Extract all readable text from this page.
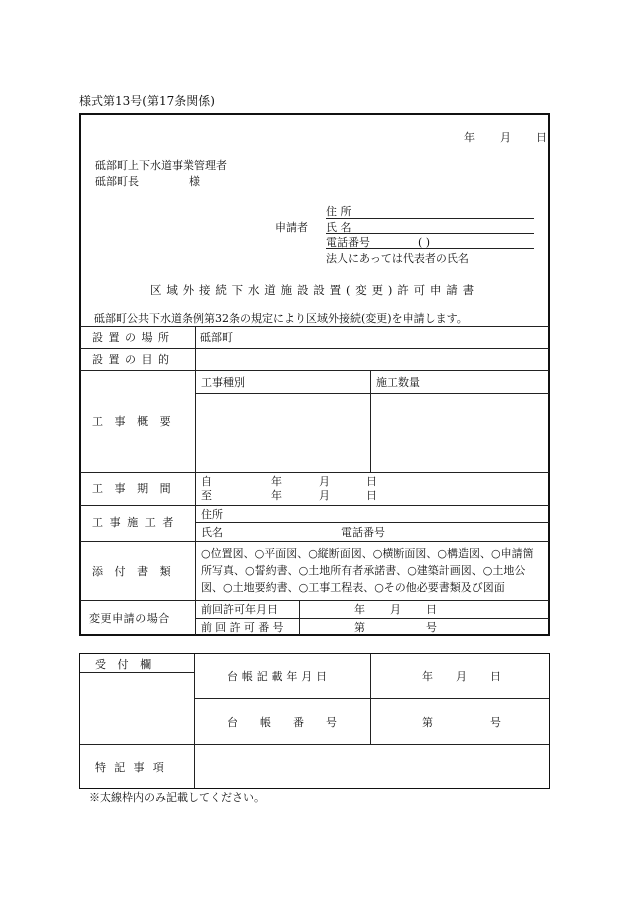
様式第13号(第17条関係)
年 月 日
砥部町上下水道事業管理者
砥部町長	様
申請者
住 所
氏 名
電話番号	( )
法人にあっては代表者の氏名
区域外接続下水道施設設置(変更)許可申請書
砥部町公共下水道条例第32条の規定により区域外接続(変更)を申請します。
設置の場所 砥部町
設置の目的
工事概要
工事種別	施工数量
工事期間
自	年	月	日
至	年	月	日
工事施工者
住所
氏名	電話番号
添付書類
○位置図、○平面図、○縦断面図、○横断面図、○構造図、○申請箇
所写真、○誓約書、○土地所有者承諾書、○建築計画図、○土地公
図、○土地要約書、○工事工程表、○その他必要書類及び図面
変更申請の場合
前回許可年月日	年 月 日
前回許可番号	第	号
受付欄
台帳記載年月日	年 月 日
台帳番号	第	号
特記事項
※太線枠内のみ記載してください。
